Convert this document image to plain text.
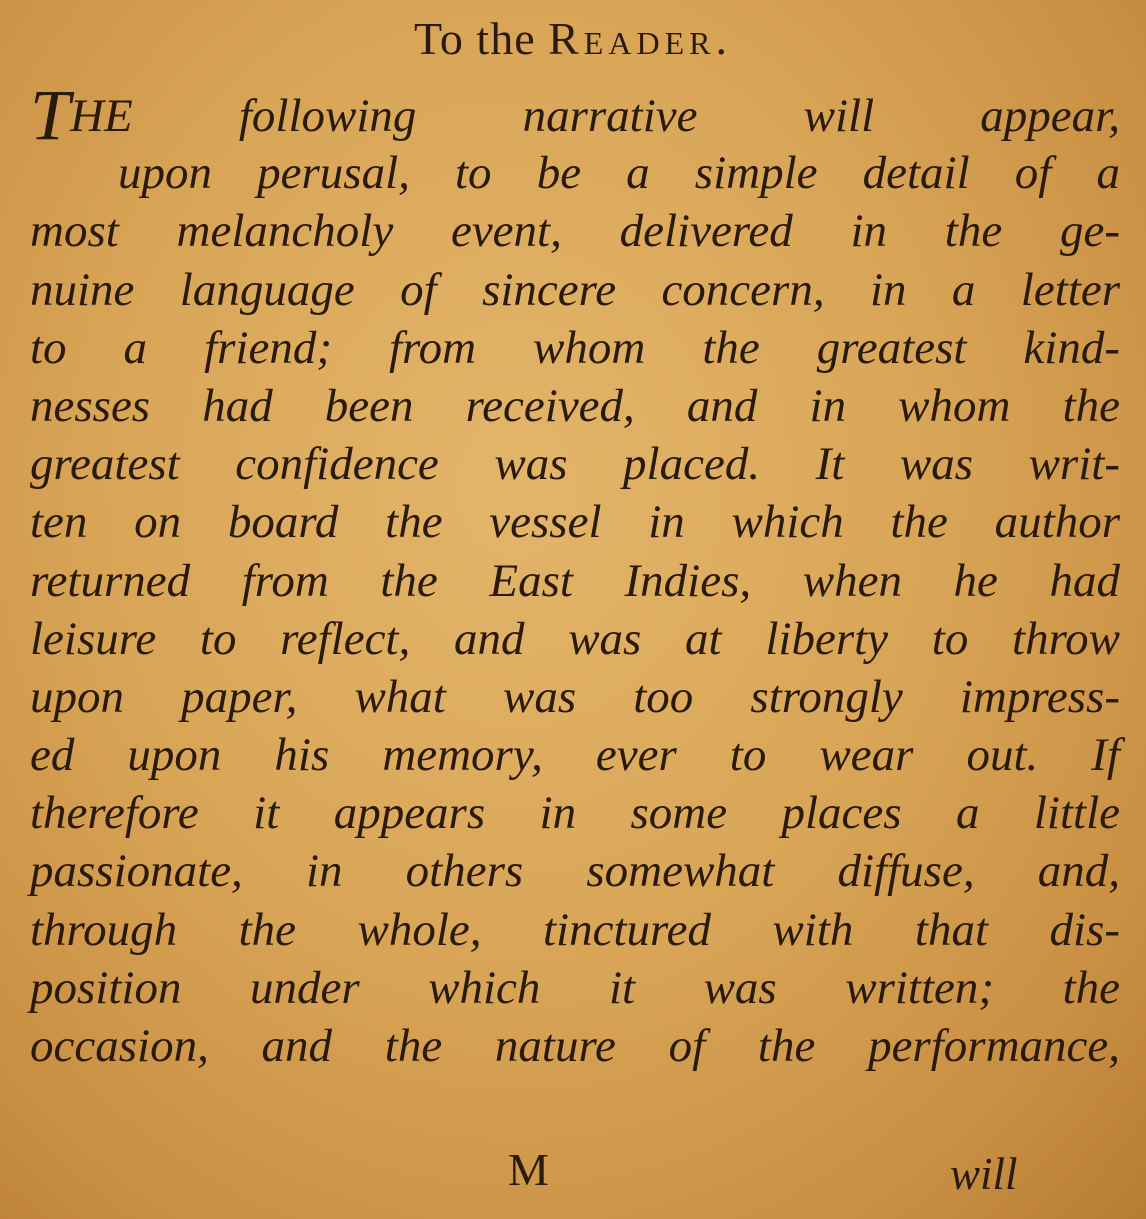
To the Reader.
THE following narrative will appear,
upon perusal, to be a simple detail of a
most melancholy event, delivered in the ge-
nuine language of sincere concern, in a letter
to a friend; from whom the greatest kind-
nesses had been received, and in whom the
greatest confidence was placed. It was writ-
ten on board the vessel in which the author
returned from the East Indies, when he had
leisure to reflect, and was at liberty to throw
upon paper, what was too strongly impress-
ed upon his memory, ever to wear out. If
therefore it appears in some places a little
passionate, in others somewhat diffuse, and,
through the whole, tinctured with that dis-
position under which it was written; the
occasion, and the nature of the performance,
M	will
